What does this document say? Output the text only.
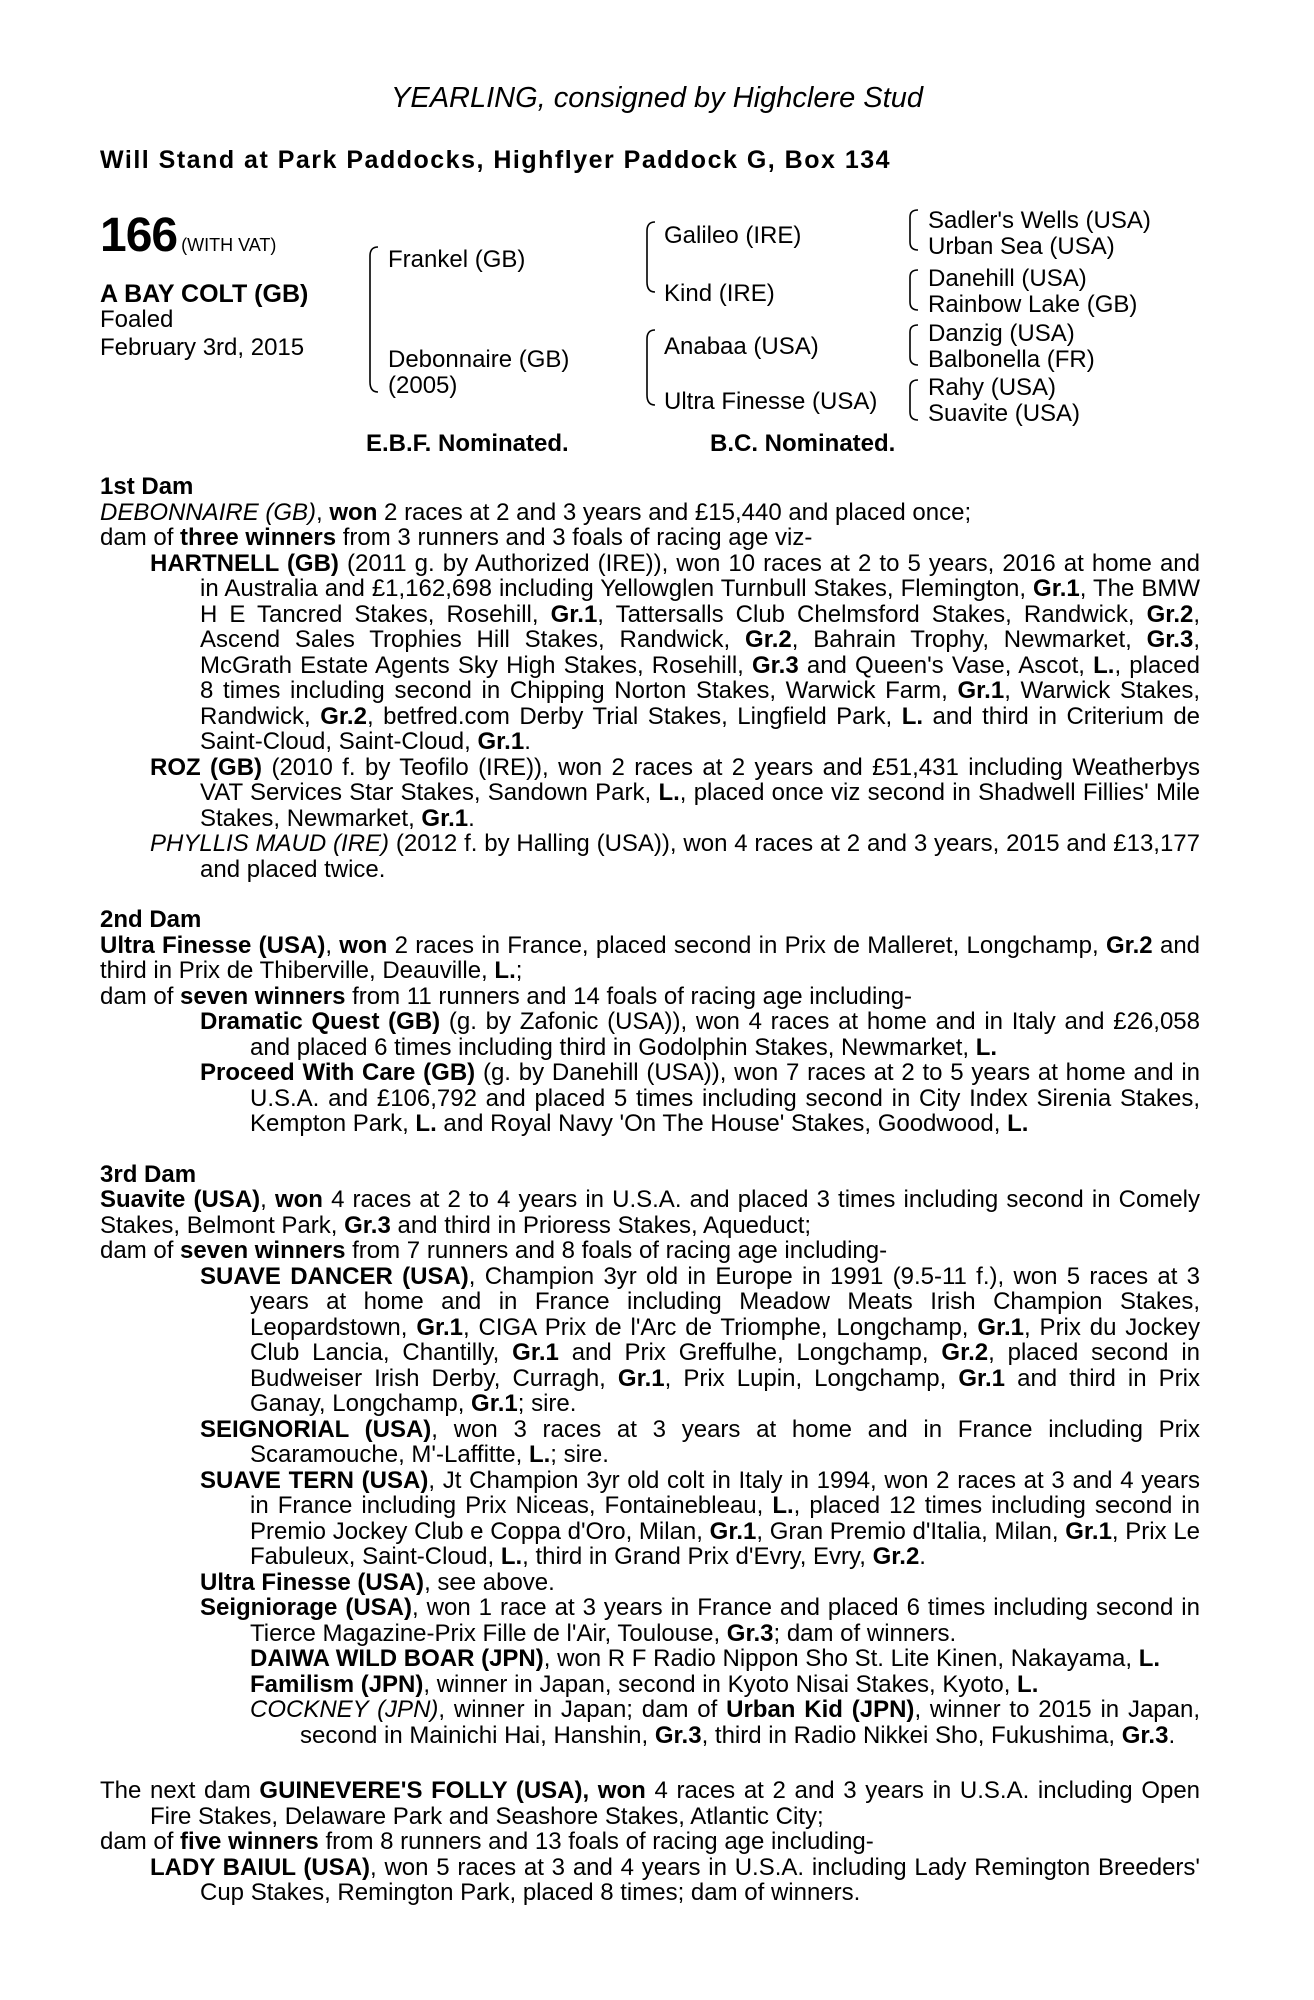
YEARLING, consigned by Highclere Stud
Will Stand at Park Paddocks, Highflyer Paddock G, Box 134
166 (WITH VAT)
A BAY COLT (GB)
Foaled
February 3rd, 2015
Frankel (GB)
Debonnaire (GB)
(2005)
Galileo (IRE)
Kind (IRE)
Anabaa (USA)
Ultra Finesse (USA)
Sadler's Wells (USA)
Urban Sea (USA)
Danehill (USA)
Rainbow Lake (GB)
Danzig (USA)
Balbonella (FR)
Rahy (USA)
Suavite (USA)
E.B.F. Nominated.	B.C. Nominated.
1st Dam

DEBONNAIRE (GB), won 2 races at 2 and 3 years and £15,440 and placed once;

dam of three winners from 3 runners and 3 foals of racing age viz-

HARTNELL (GB) (2011 g. by Authorized (IRE)), won 10 races at 2 to 5 years, 2016 at home and in Australia and £1,162,698 including Yellowglen Turnbull Stakes, Flemington, Gr.1, The BMW H E Tancred Stakes, Rosehill, Gr.1, Tattersalls Club Chelmsford Stakes, Randwick, Gr.2, Ascend Sales Trophies Hill Stakes, Randwick, Gr.2, Bahrain Trophy, Newmarket, Gr.3, McGrath Estate Agents Sky High Stakes, Rosehill, Gr.3 and Queen's Vase, Ascot, L., placed 8 times including second in Chipping Norton Stakes, Warwick Farm, Gr.1, Warwick Stakes, Randwick, Gr.2, betfred.com Derby Trial Stakes, Lingfield Park, L. and third in Criterium de Saint-Cloud, Saint-Cloud, Gr.1.

ROZ (GB) (2010 f. by Teofilo (IRE)), won 2 races at 2 years and £51,431 including Weatherbys VAT Services Star Stakes, Sandown Park, L., placed once viz second in Shadwell Fillies' Mile Stakes, Newmarket, Gr.1.

PHYLLIS MAUD (IRE) (2012 f. by Halling (USA)), won 4 races at 2 and 3 years, 2015 and £13,177 and placed twice.

2nd Dam

Ultra Finesse (USA), won 2 races in France, placed second in Prix de Malleret, Longchamp, Gr.2 and third in Prix de Thiberville, Deauville, L.;

dam of seven winners from 11 runners and 14 foals of racing age including-

Dramatic Quest (GB) (g. by Zafonic (USA)), won 4 races at home and in Italy and £26,058 and placed 6 times including third in Godolphin Stakes, Newmarket, L.

Proceed With Care (GB) (g. by Danehill (USA)), won 7 races at 2 to 5 years at home and in U.S.A. and £106,792 and placed 5 times including second in City Index Sirenia Stakes, Kempton Park, L. and Royal Navy 'On The House' Stakes, Goodwood, L.

3rd Dam

Suavite (USA), won 4 races at 2 to 4 years in U.S.A. and placed 3 times including second in Comely Stakes, Belmont Park, Gr.3 and third in Prioress Stakes, Aqueduct;

dam of seven winners from 7 runners and 8 foals of racing age including-

SUAVE DANCER (USA), Champion 3yr old in Europe in 1991 (9.5-11 f.), won 5 races at 3 years at home and in France including Meadow Meats Irish Champion Stakes, Leopardstown, Gr.1, CIGA Prix de l'Arc de Triomphe, Longchamp, Gr.1, Prix du Jockey Club Lancia, Chantilly, Gr.1 and Prix Greffulhe, Longchamp, Gr.2, placed second in Budweiser Irish Derby, Curragh, Gr.1, Prix Lupin, Longchamp, Gr.1 and third in Prix Ganay, Longchamp, Gr.1; sire.

SEIGNORIAL (USA), won 3 races at 3 years at home and in France including Prix Scaramouche, M'-Laffitte, L.; sire.

SUAVE TERN (USA), Jt Champion 3yr old colt in Italy in 1994, won 2 races at 3 and 4 years in France including Prix Niceas, Fontainebleau, L., placed 12 times including second in Premio Jockey Club e Coppa d'Oro, Milan, Gr.1, Gran Premio d'Italia, Milan, Gr.1, Prix Le Fabuleux, Saint-Cloud, L., third in Grand Prix d'Evry, Evry, Gr.2.

Ultra Finesse (USA), see above.

Seigniorage (USA), won 1 race at 3 years in France and placed 6 times including second in Tierce Magazine-Prix Fille de l'Air, Toulouse, Gr.3; dam of winners.

DAIWA WILD BOAR (JPN), won R F Radio Nippon Sho St. Lite Kinen, Nakayama, L.

Familism (JPN), winner in Japan, second in Kyoto Nisai Stakes, Kyoto, L.

COCKNEY (JPN), winner in Japan; dam of Urban Kid (JPN), winner to 2015 in Japan, second in Mainichi Hai, Hanshin, Gr.3, third in Radio Nikkei Sho, Fukushima, Gr.3.

The next dam GUINEVERE'S FOLLY (USA), won 4 races at 2 and 3 years in U.S.A. including Open Fire Stakes, Delaware Park and Seashore Stakes, Atlantic City;

dam of five winners from 8 runners and 13 foals of racing age including-

LADY BAIUL (USA), won 5 races at 3 and 4 years in U.S.A. including Lady Remington Breeders' Cup Stakes, Remington Park, placed 8 times; dam of winners.
